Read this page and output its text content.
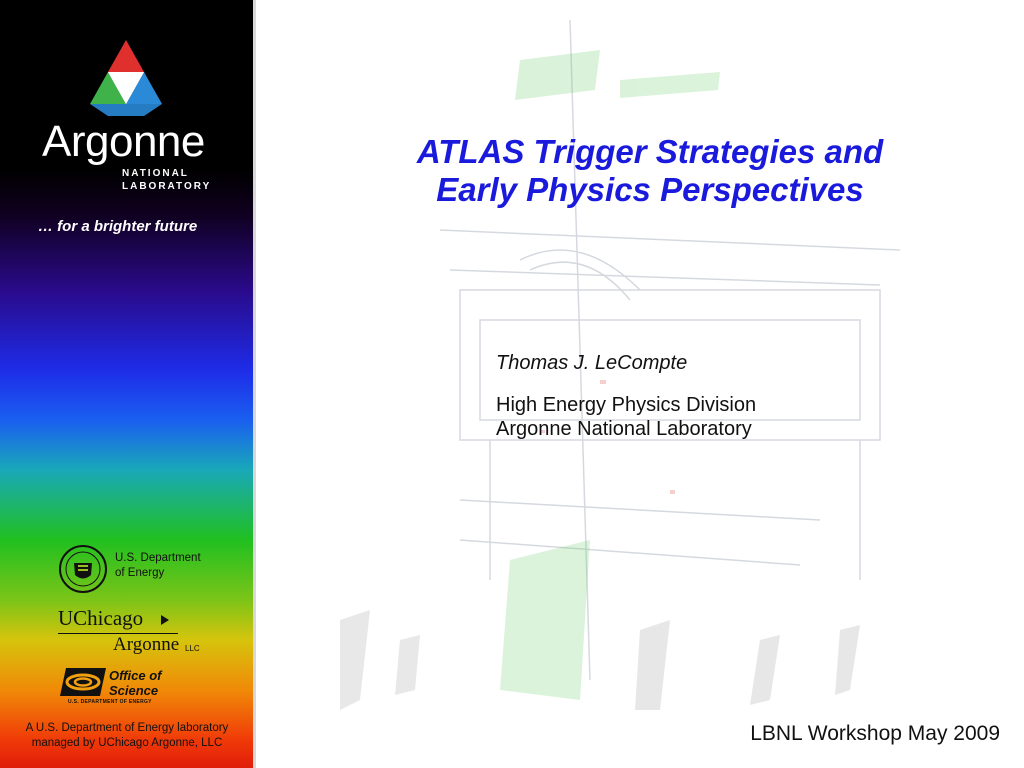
Argonne
NATIONAL
LABORATORY
… for a brighter future
U.S. Department
of Energy
UChicago
Argonne LLC
Office of
Science
U.S. DEPARTMENT OF ENERGY
A U.S. Department of Energy laboratory
managed by UChicago Argonne, LLC
ATLAS Trigger Strategies and
Early Physics Perspectives
Thomas J. LeCompte
High Energy Physics Division
Argonne National Laboratory
LBNL Workshop May 2009
